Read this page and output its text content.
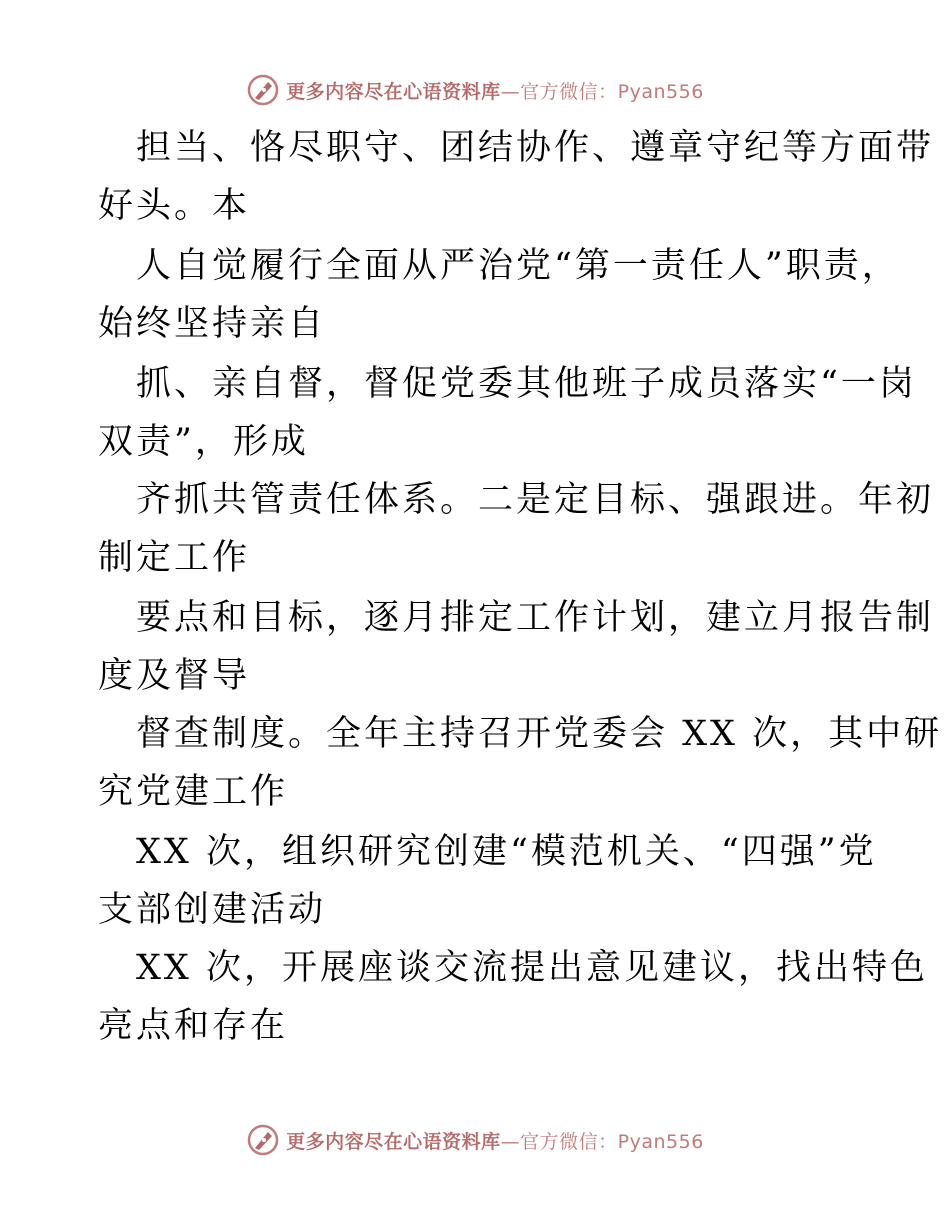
更多内容尽在心语资料库—官方微信：Pyan556
担当、恪尽职守、团结协作、遵章守纪等方面带
好头。本
人自觉履行全面从严治党“第一责任人”职责，
始终坚持亲自
抓、亲自督，督促党委其他班子成员落实“一岗
双责”，形成
齐抓共管责任体系。二是定目标、强跟进。年初
制定工作
要点和目标，逐月排定工作计划，建立月报告制
度及督导
督查制度。全年主持召开党委会 XX 次，其中研
究党建工作
XX 次，组织研究创建“模范机关、“四强”党
支部创建活动
XX 次，开展座谈交流提出意见建议，找出特色
亮点和存在
更多内容尽在心语资料库—官方微信：Pyan556
